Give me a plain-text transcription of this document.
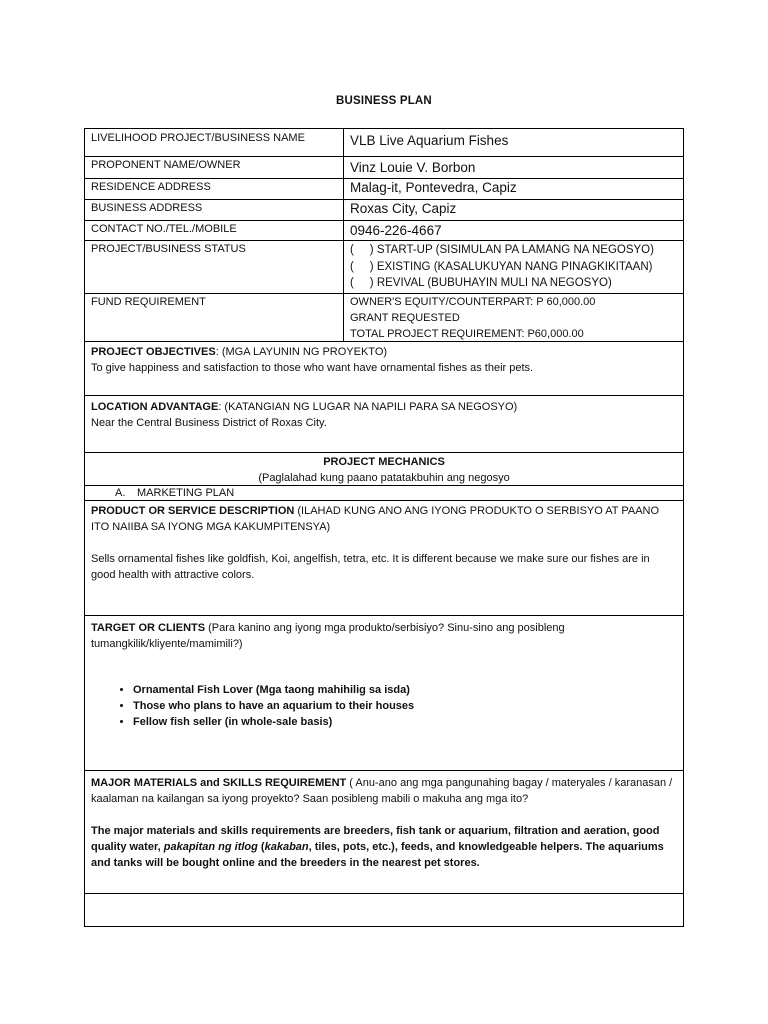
BUSINESS PLAN
LIVELIHOOD PROJECT/BUSINESS NAME	VLB Live Aquarium Fishes
PROPONENT NAME/OWNER	Vinz Louie V. Borbon
RESIDENCE ADDRESS	Malag-it, Pontevedra, Capiz
BUSINESS ADDRESS	Roxas City, Capiz
CONTACT NO./TEL./MOBILE	0946-226-4667
PROJECT/BUSINESS STATUS	(     ) START-UP (SISIMULAN PA LAMANG NA NEGOSYO)
(     ) EXISTING (KASALUKUYAN NANG PINAGKIKITAAN)
(     ) REVIVAL (BUBUHAYIN MULI NA NEGOSYO)
FUND REQUIREMENT	OWNER'S EQUITY/COUNTERPART: P 60,000.00
GRANT REQUESTED
TOTAL PROJECT REQUIREMENT: P60,000.00
PROJECT OBJECTIVES: (MGA LAYUNIN NG PROYEKTO)
To give happiness and satisfaction to those who want have ornamental fishes as their pets.
LOCATION ADVANTAGE: (KATANGIAN NG LUGAR NA NAPILI PARA SA NEGOSYO)
Near the Central Business District of Roxas City.
PROJECT MECHANICS
(Paglalahad kung paano patatakbuhin ang negosyo
A. MARKETING PLAN
PRODUCT OR SERVICE DESCRIPTION (ILAHAD KUNG ANO ANG IYONG PRODUKTO O SERBISYO AT PAANO ITO NAIIBA SA IYONG MGA KAKUMPITENSYA)
Sells ornamental fishes like goldfish, Koi, angelfish, tetra, etc. It is different because we make sure our fishes are in good health with attractive colors.
TARGET OR CLIENTS (Para kanino ang iyong mga produkto/serbisiyo? Sinu-sino ang posibleng tumangkilik/kliyente/mamimili?)
• Ornamental Fish Lover (Mga taong mahihilig sa isda)
• Those who plans to have an aquarium to their houses
• Fellow fish seller (in whole-sale basis)
MAJOR MATERIALS and SKILLS REQUIREMENT ( Anu-ano ang mga pangunahing bagay / materyales / karanasan / kaalaman na kailangan sa iyong proyekto? Saan posibleng mabili o makuha ang mga ito?
The major materials and skills requirements are breeders, fish tank or aquarium, filtration and aeration, good quality water, pakapitan ng itlog (kakaban, tiles, pots, etc.), feeds, and knowledgeable helpers. The aquariums and tanks will be bought online and the breeders in the nearest pet stores.
